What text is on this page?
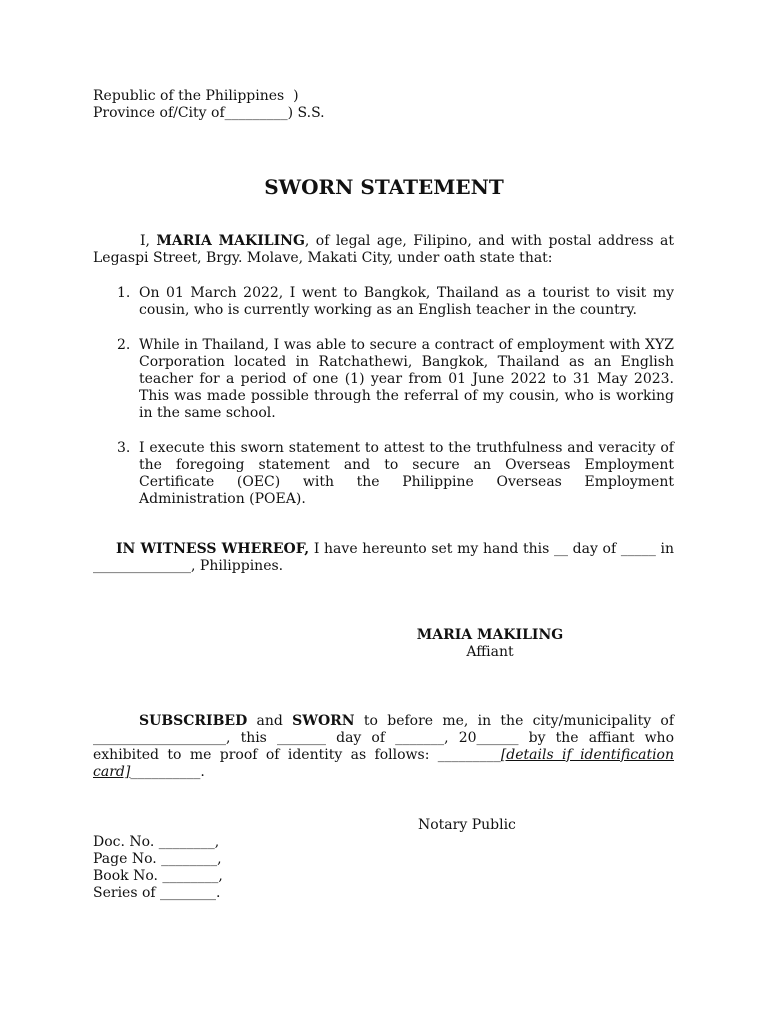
Republic of the Philippines  )
Province of/City of_________) S.S.
SWORN STATEMENT
I, MARIA MAKILING, of legal age, Filipino, and with postal address at Legaspi Street, Brgy. Molave, Makati City, under oath state that:
1. On 01 March 2022, I went to Bangkok, Thailand as a tourist to visit my cousin, who is currently working as an English teacher in the country.
2. While in Thailand, I was able to secure a contract of employment with XYZ Corporation located in Ratchathewi, Bangkok, Thailand as an English teacher for a period of one (1) year from 01 June 2022 to 31 May 2023. This was made possible through the referral of my cousin, who is working in the same school.
3. I execute this sworn statement to attest to the truthfulness and veracity of the foregoing statement and to secure an Overseas Employment Certificate (OEC) with the Philippine Overseas Employment Administration (POEA).
IN WITNESS WHEREOF, I have hereunto set my hand this __ day of _____ in ______________, Philippines.
MARIA MAKILING
Affiant
SUBSCRIBED and SWORN to before me, in the city/municipality of ___________________, this _______ day of _______, 20______ by the affiant who exhibited to me proof of identity as follows: _________[details if identification card]__________.
Notary Public
Doc. No. ________,
Page No. ________,
Book No. ________,
Series of ________.
